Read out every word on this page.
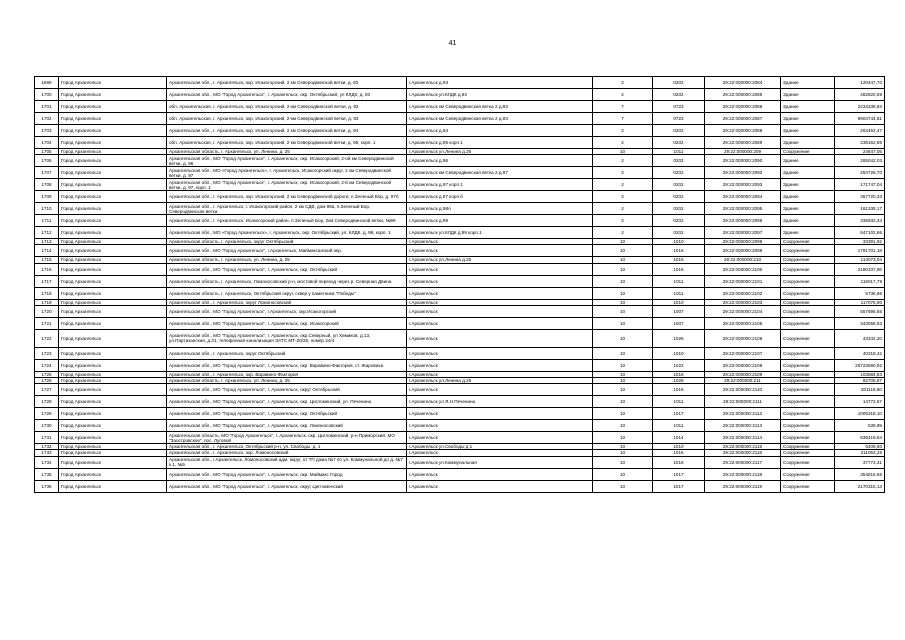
41
1699	Город Архангельск	Архангельская обл., г. Архангельск, окр. Исакогорский, 2 км Северодвинской ветки, д. 93	г.Архангельск д.93	2	0202	29:22:000000:2084	Здание	120447,70
1700	Город Архангельск	Архангельская обл., МО "Город Архангельск", г. Архангельск, окр. Октябрьский, ул КЛДК, д. 93	г.Архангельск ул.КЛДК д.93	2	0202	29:22:000000:2085	Здание	482820,59
1701	Город Архангельск	обл. Архангельская, г. Архангельск, окр. Исакогорский, 2-км Северодвинской ветки, д. 93	г.Архангельск км Северодвинская ветка 2 д.93	7	0723	29:22:000000:2086	Здание	2234338,63
1702	Город Архангельск	обл. Архангельская, г. Архангельск, окр. Исакогорский, 2-км Северодвинской ветки, д. 93	г.Архангельск км Северодвинская ветка 2 д.93	7	0723	29:22:000000:2087	Здание	9904744,81
1703	Город Архангельск	Архангельская обл., г. Архангельск, окр. Исакогорский, 2 км Северодвинской ветки, д. 94	г.Архангельск д.94	2	0202	29:22:000000:2088	Здание	264452,47
1704	Город Архангельск	обл. Архангельская, г. Архангельск, окр. Исакогорский, 2 км Северодвинской ветки, д. 95, корп. 1	г.Архангельск д.95 корп.1	2	0202	29:22:000000:2089	Здание	238162,86
1705	Город Архангельск	Архангельская область, г. Архангельск, ул. Ленина, д. 25	г.Архангельск ул.Ленина д.25	10	1011	29:22:000000:209	Сооружение	24847,05
1706	Город Архангельск	Архангельская обл., МО "Город Архангельск", г. Архангельск, окр. Исакогорский, 2-ой км Северодвинской ветки, д. 96	г.Архангельск д.96	2	0202	29:22:000000:2090	Здание	265042,03
1707	Город Архангельск	Архангельская обл., МО «Город Архангельск», г. Архангельск, Исакогорский округ, 2 км Северодвинской ветки, д. 97	г.Архангельск км Северодвинская ветка 2 д.97	2	0202	29:22:000000:2092	Здание	294728,70
1708	Город Архангельск	Архангельская обл., МО "Город Архангельск", г. Архангельск, окр. Исакогорский, 2-й км Северодвинской ветки, д. 97, корп. 1	г.Архангельск д.97 корп.1	2	0202	29:22:000000:2093	Здание	171747,04
1709	Город Архангельск	Архангельская обл., г. Архангельск, окр. Исакогорский, 2 км Северодвинской дороги, п.Зеленый Бор, д. 97б	г.Архангельск д.97 корп.б	2	0202	29:22:000000:2094	Здание	357720,33
1710	Город Архангельск	Архангельская обл., г. Архангельск, г. Исакогорский район, 2 км СДВ, дом 98а, п.Зеленый Бор, Северодвинская ветка	г.Архангельск д.98А	2	0202	29:22:000000:2095	Здание	161338,17
1711	Город Архангельск	Архангельская обл., г. Архангельск, Исакогорский район, п.Зеленый Бор, 2км Северодвинской ветки, №99	г.Архангельск д.99	2	0202	29:22:000000:2096	Здание	335932,34
1712	Город Архангельск	Архангельская обл., МО «Город Архангельск», г. Архангельск, окр. Октябрьский, ул. КЛДК, д. 99, корп. 1	г.Архангельск ул.КЛДК д.99 корп.1	2	0202	29:22:000000:2097	Здание	847102,86
1713	Город Архангельск	Архангельская область, г. Архангельск, округ Октябрьский	г.Архангельск	10	1010	29:22:000000:2098	Сооружение	33391,92
1714	Город Архангельск	Архангельская обл., МО "Город Архангельск", г.Архангельск, Маймаксанский окр.	г.Архангельск	10	1016	29:22:000000:2099	Сооружение	1791701,18
1715	Город Архангельск	Архангельская область, г. Архангельск, ул. Ленина, д. 25	г.Архангельск ул.Ленина д.25	10	1016	29:22:000000:210	Сооружение	114073,04
1716	Город Архангельск	Архангельская обл., МО "Город Архангельск", г. Архангельск, окр. Октябрьский	г.Архангельск	10	1016	29:22:000000:2100	Сооружение	2180337,96
1717	Город Архангельск	Архангельская область, г. Архангельск, Ломоносовский р-н, мостовой переход через р. Северная Двина	г.Архангельск	10	1011	29:22:000000:2101	Сооружение	116017,79
1718	Город Архангельск	Архангельская область, г. Архангельск, Октябрьский округ, сквер у памятника "Победы"	г.Архангельск	10	1011	29:22:000000:2102	Сооружение	5736,96
1719	Город Архангельск	Архангельская обл., г. Архангельск, округ Ломоносовский	г.Архангельск	10	1010	29:22:000000:2103	Сооружение	117076,90
1720	Город Архангельск	Архангельская обл., МО "Город Архангельск", г.Архангельск, окр.Исакогорский	г.Архангельск	10	1007	29:22:000000:2104	Сооружение	557695,65
1721	Город Архангельск	Архангельская обл., МО "Город Архангельск", г. Архангельск, окр. Исакогорский	г.Архангельск	10	1007	29:22:000000:2105	Сооружение	343058,83
1722	Город Архангельск	Архангельская обл., МО "Город Архангельск", г. Архангельск, окр.Северный, ул Химиков, д.13, ул.Партизанская, д.31, телефонная канализация ЭАТС МТ-20/25, номер 24/4	г.Архангельск	10	1026	29:22:000000:2106	Сооружение	43342,20
1723	Город Архангельск	Архангельская обл., г. Архангельск, округ Октябрьский	г.Архангельск	10	1010	29:22:000000:2107	Сооружение	40318,42
1724	Город Архангельск	Архангельская обл., МО "Город Архангельск", г. Архангельск, окр. Варавино-Фактория, ст. Жаровиха	г.Архангельск	10	1022	29:22:000000:2108	Сооружение	26723580,92
1725	Город Архангельск	Архангельская обл., г. Архангельск, окр. Варавино-Фактория	г.Архангельск	10	1016	29:22:000000:2109	Сооружение	103584,83
1726	Город Архангельск	Архангельская область, г. Архангельск, ул. Ленина, д. 25	г.Архангельск ул.Ленина д.25	10	1026	29:22:000000:211	Сооружение	92705,87
1727	Город Архангельск	Архангельская обл., МО "Город Архангельск", г. Архангельск, округ Октябрьский	г.Архангельск	10	1016	29:22:000000:2110	Сооружение	201118,80
1728	Город Архангельск	Архангельская обл., МО "Город Архангельск", г. Архангельск, окр. Цигломенский, ул. Печенина	г.Архангельск ул.Я.Н.Печенина	10	1011	29:22:000000:2111	Сооружение	14772,57
1729	Город Архангельск	Архангельская обл., МО "Город Архангельск", г. Архангельск, окр. Октябрьский	г.Архангельск	10	1017	29:22:000000:2112	Сооружение	1005318,10
1730	Город Архангельск	Архангельская обл., МО "Город Архангельск", г. Архангельск, окр. Ломоносовский	г.Архангельск	10	1011	29:22:000000:2113	Сооружение	539,99
1731	Город Архангельск	Архангельская область, МО "Город Архангельск", г. Архангельск, окр. Цигломенский, р-н Приморский, МО "Заостровское", пос. Луговой	г.Архангельск	10	1014	29:22:000000:2114	Сооружение	635419,64
1732	Город Архангельск	Архангельская обл., г. Архангельск, Октябрьский р-н, ул. Свободы, д. 1	г.Архангельск ул.Свободы д.1	10	1010	29:22:000000:2115	Сооружение	5409,60
1733	Город Архангельск	Архангельская обл., г. Архангельск, окр. Ломоносовский	г.Архангельск	10	1016	29:22:000000:2116	Сооружение	211063,25
1734	Город Архангельск	Архангельская обл., г.Архангельск, Ломоносовский адм. округ, от ТП дома №7 по ул. Коммунальной до д. №7 к.1, №5	г.Архангельск ул.Коммунальная	10	1016	29:22:000000:2117	Сооружение	37773,31
1735	Город Архангельск	Архангельская обл., МО "Город Архангельск", г. Архангельск, окр. Маймакс Город	г.Архангельск	10	1017	29:22:000000:2118	Сооружение	354818,55
1736	Город Архангельск	Архангельская обл., МО "Город Архангельск", г. Архангельск, округ Цигломенский	г.Архангельск	10	1017	29:22:000000:2119	Сооружение	2170315,13
